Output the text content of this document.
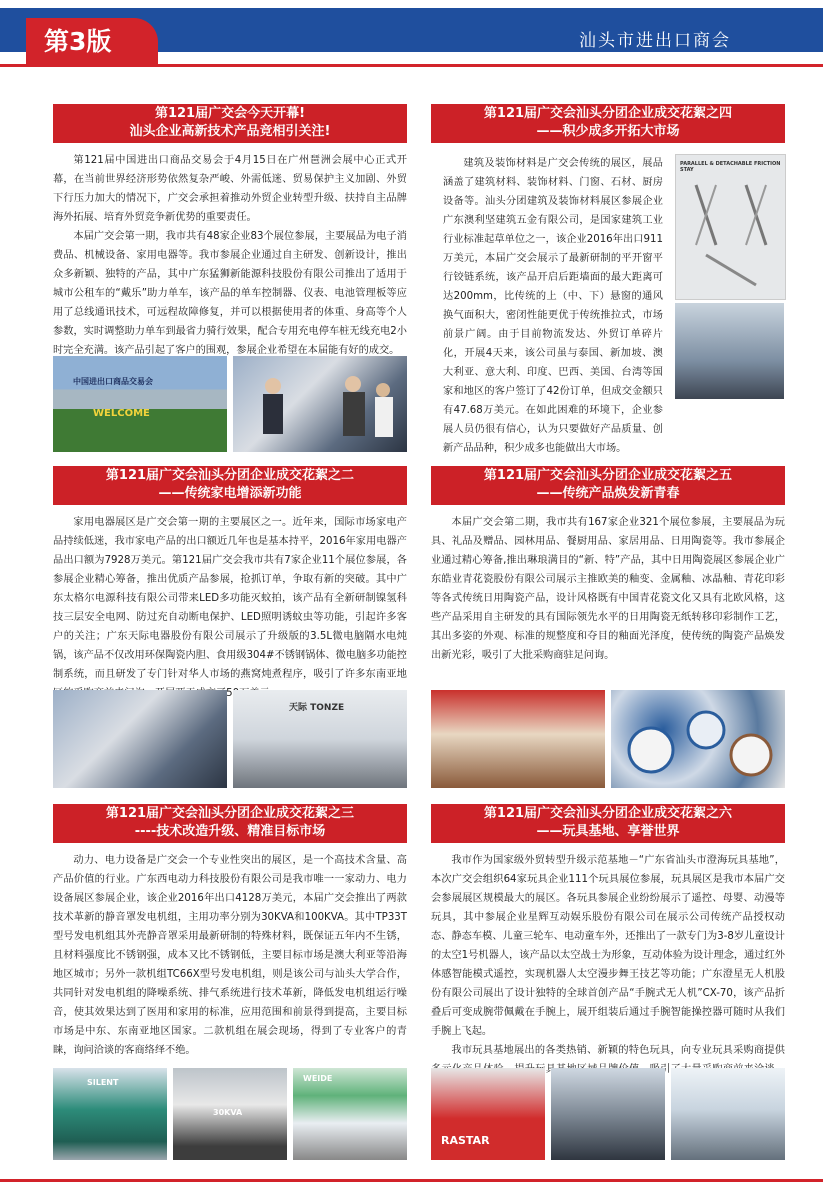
第3版	汕头市进出口商会
第121届广交会今天开幕!
汕头企业高新技术产品竞相引关注!

第121届中国进出口商品交易会于4月15日在广州琶洲会展中心正式开幕，在当前世界经济形势依然复杂严峻、外需低迷、贸易保护主义加剧、外贸下行压力加大的情况下，广交会承担着推动外贸企业转型升级、扶持自主品牌海外拓展、培育外贸竞争新优势的重要责任。

本届广交会第一期，我市共有48家企业83个展位参展，主要展品为电子消费品、机械设备、家用电器等。我市参展企业通过自主研发、创新设计，推出众多新颖、独特的产品，其中广东猛狮新能源科技股份有限公司推出了适用于城市公租车的“戴乐”助力单车，该产品的单车控制器、仪表、电池管理板等应用了总线通讯技术，可远程故障修复，并可以根据使用者的体重、身高等个人参数，实时调整助力单车到最省力骑行效果，配合专用充电停车桩无线充电2小时完全充满。该产品引起了客户的围观，参展企业希望在本届能有好的成交。

中国进出口商品交易会
WELCOME
第121届广交会汕头分团企业成交花絮之四
——积少成多开拓大市场

建筑及装饰材料是广交会传统的展区，展品涵盖了建筑材料、装饰材料、门窗、石材、厨房设备等。汕头分团建筑及装饰材料展区参展企业广东澳利坚建筑五金有限公司，是国家建筑工业行业标准起草单位之一，该企业2016年出口911万美元，本届广交会展示了最新研制的平开窗平行铰链系统，该产品开启后距墙面的最大距离可达200mm，比传统的上（中、下）悬窗的通风换气面积大，密闭性能更优于传统推拉式，市场前景广阔。由于目前物流发达、外贸订单碎片化，开展4天来，该公司虽与泰国、新加坡、澳大利亚、意大利、印度、巴西、美国、台湾等国家和地区的客户签订了42份订单，但成交金额只有47.68万美元。在如此困难的环境下，企业参展人员仍很有信心，认为只要做好产品质量、创新产品品种，积少成多也能做出大市场。

PARALLEL & DETACHABLE FRICTION STAY
第121届广交会汕头分团企业成交花絮之二
——传统家电增添新功能

家用电器展区是广交会第一期的主要展区之一。近年来，国际市场家电产品持续低迷，我市家电产品的出口额近几年也是基本持平，2016年家用电器产品出口额为7928万美元。第121届广交会我市共有7家企业11个展位参展，各参展企业精心筹备，推出优质产品参展，抢抓订单，争取有新的突破。其中广东太格尔电源科技有限公司带来LED多功能灭蚊拍，该产品有全新研制镍氢科技三层安全电网、防过充自动断电保护、LED照明诱蚊虫等功能，引起许多客户的关注；广东天际电器股份有限公司展示了升级版的3.5L微电脑隔水电炖锅，该产品不仅改用环保陶瓷内胆、食用级304#不锈钢锅体、微电脑多功能控制系统，而且研发了专门针对华人市场的燕窝炖煮程序，吸引了许多东南亚地 两天成交了50万美元。

天际 TONZE
第121届广交会汕头分团企业成交花絮之五
——传统产品焕发新青春

本届广交会第二期，我市共有167家企业321个展位参展，主要展品为玩具、礼品及赠品、园林用品、餐厨用品、家居用品、日用陶瓷等。我市参展企业通过精心筹备,推出琳琅满目的“新、特”产品，其中日用陶瓷展区参展企业广东皓业青花瓷股份有限公司展示主推欧美的釉变、金属釉、冰晶釉、青花印彩等各式传统日用陶瓷产品，设计风格既有中国青花瓷文化又具有北欧风格，这些产品采用自主研发的具有国际领先水平的日用陶瓷无纸转移印彩制作工艺，其出多姿的外观、标准的规整度和夺目的釉面光泽度，使传统的陶瓷产品焕发出新光彩，吸引了大批采购商驻足问询。

第121届广交会汕头分团企业成交花絮之三
----技术改造升级、精准目标市场

动力、电力设备是广交会一个专业性突出的展区，是一个高技术含量、高产品价值的行业。广东西电动力科技股份有限公司是我市唯一一家动力、电力设备展区参展企业，该企业2016年出口4128万美元，本届广交会推出了两款技术革新的静音罩发电机组，主用功率分别为30KVA和100KVA。其中TP33T型号发电机组其外壳静音罩采用最新研制的特殊材料，既保证五年内不生锈，且材料强度比不锈钢强，成本又比不锈钢低，主要目标市场是澳大利亚等沿海地区城市；另外一款机组TC66X型号发电机组，则是该公司与汕头大学合作，共同针对发电机组的降噪系统、排气系统进行技术革新，降低发电机组运行噪音，使其效果达到了医用和家用的标准，应用范围和前景得到提高，主要目标市场是中东、东南亚地区国家。二款机组在展会现场，得到了专业客户的青睐，询问洽谈的客商络绎不绝。

SILENT
30KVA
WEIDE
第121届广交会汕头分团企业成交花絮之六
——玩具基地、享誉世界

我市作为国家级外贸转型升级示范基地－“广东省汕头市澄海玩具基地”，本次广交会组织64家玩具企业111个玩具展位参展，玩具展区是我市本届广交会参展展区规模最大的展区。各玩具参展企业纷纷展示了遥控、母婴、动漫等玩具，其中参展企业星辉互动娱乐股份有限公司在展示公司传统产品授权动态、静态车模、儿童三轮车、电动童车外，还推出了一款专门为3-8岁儿童设计的太空1号机器人，该产品以太空战士为形象，互动体验为设计理念，通过红外体感智能模式遥控，实现机器人太空漫步舞王技艺等功能；广东澄星无人机股份有限公司展出了设计独特的全球首创产品“手腕式无人机”CX-70，该产品折叠后可变成腕带佩戴在手腕上，展开组装后通过手腕智能操控器可随时从我们手腕上飞起。

我市玩具基地展出的各类热销、新颖的特色玩具，向专业玩具采购商提供 引

RASTAR
